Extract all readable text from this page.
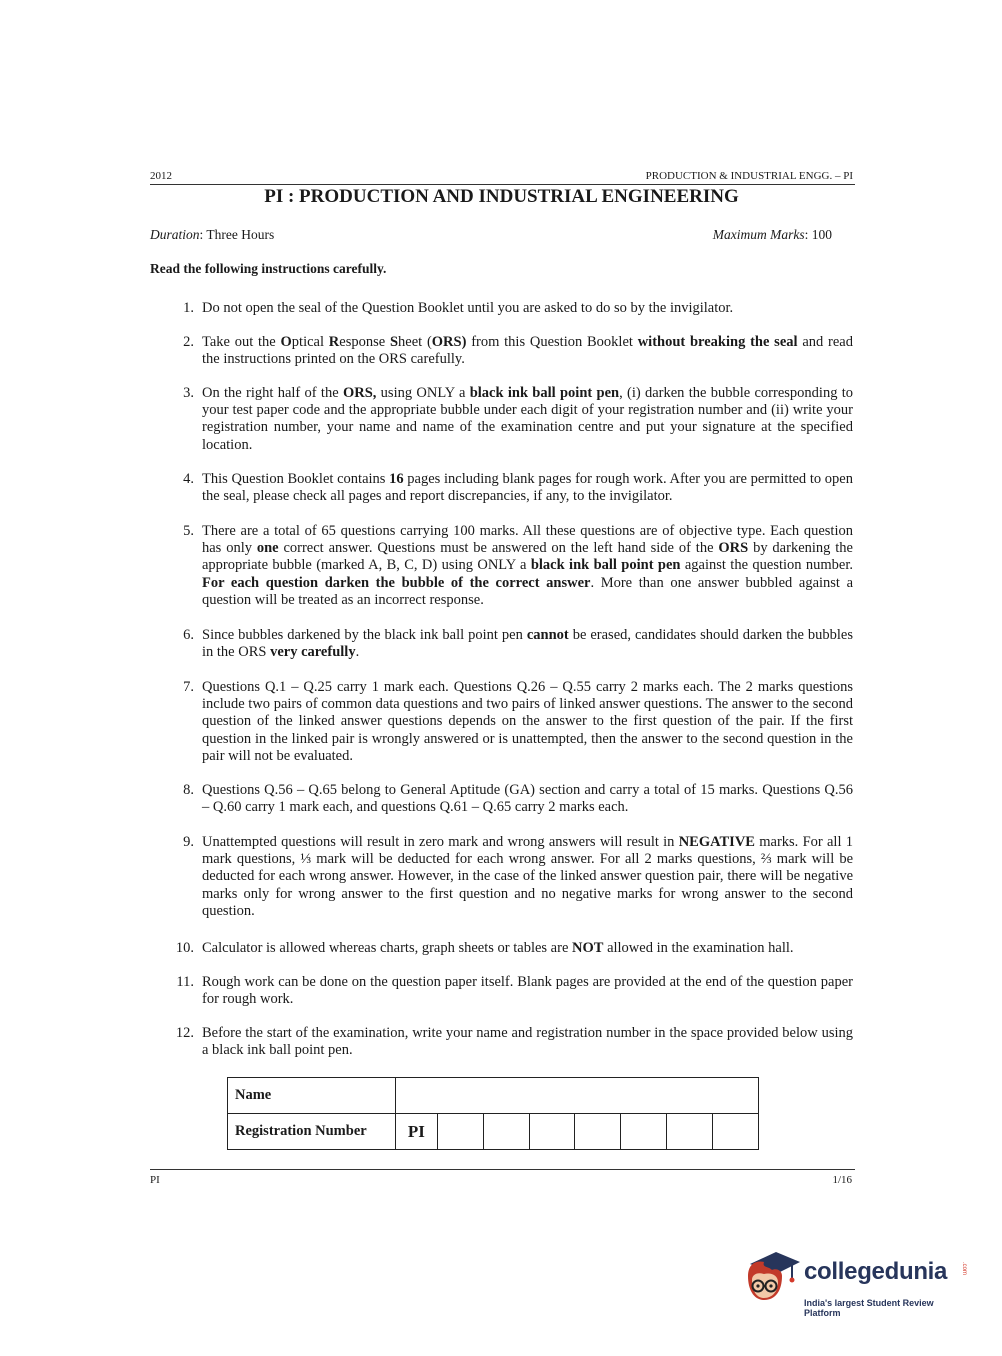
2012	PRODUCTION & INDUSTRIAL ENGG. – PI
PI : PRODUCTION AND INDUSTRIAL ENGINEERING
Duration: Three Hours	Maximum Marks: 100
Read the following instructions carefully.
1. Do not open the seal of the Question Booklet until you are asked to do so by the invigilator.
2. Take out the Optical Response Sheet (ORS) from this Question Booklet without breaking the seal and read the instructions printed on the ORS carefully.
3. On the right half of the ORS, using ONLY a black ink ball point pen, (i) darken the bubble corresponding to your test paper code and the appropriate bubble under each digit of your registration number and (ii) write your registration number, your name and name of the examination centre and put your signature at the specified location.
4. This Question Booklet contains 16 pages including blank pages for rough work. After you are permitted to open the seal, please check all pages and report discrepancies, if any, to the invigilator.
5. There are a total of 65 questions carrying 100 marks. All these questions are of objective type. Each question has only one correct answer. Questions must be answered on the left hand side of the ORS by darkening the appropriate bubble (marked A, B, C, D) using ONLY a black ink ball point pen against the question number. For each question darken the bubble of the correct answer. More than one answer bubbled against a question will be treated as an incorrect response.
6. Since bubbles darkened by the black ink ball point pen cannot be erased, candidates should darken the bubbles in the ORS very carefully.
7. Questions Q.1 – Q.25 carry 1 mark each. Questions Q.26 – Q.55 carry 2 marks each. The 2 marks questions include two pairs of common data questions and two pairs of linked answer questions. The answer to the second question of the linked answer questions depends on the answer to the first question of the pair. If the first question in the linked pair is wrongly answered or is unattempted, then the answer to the second question in the pair will not be evaluated.
8. Questions Q.56 – Q.65 belong to General Aptitude (GA) section and carry a total of 15 marks. Questions Q.56 – Q.60 carry 1 mark each, and questions Q.61 – Q.65 carry 2 marks each.
9. Unattempted questions will result in zero mark and wrong answers will result in NEGATIVE marks. For all 1 mark questions, ⅓ mark will be deducted for each wrong answer. For all 2 marks questions, ⅔ mark will be deducted for each wrong answer. However, in the case of the linked answer question pair, there will be negative marks only for wrong answer to the first question and no negative marks for wrong answer to the second question.
10. Calculator is allowed whereas charts, graph sheets or tables are NOT allowed in the examination hall.
11. Rough work can be done on the question paper itself. Blank pages are provided at the end of the question paper for rough work.
12. Before the start of the examination, write your name and registration number in the space provided below using a black ink ball point pen.
Name								
Registration Number	PI							
PI	1/16
collegedunia .com
India's largest Student Review Platform
